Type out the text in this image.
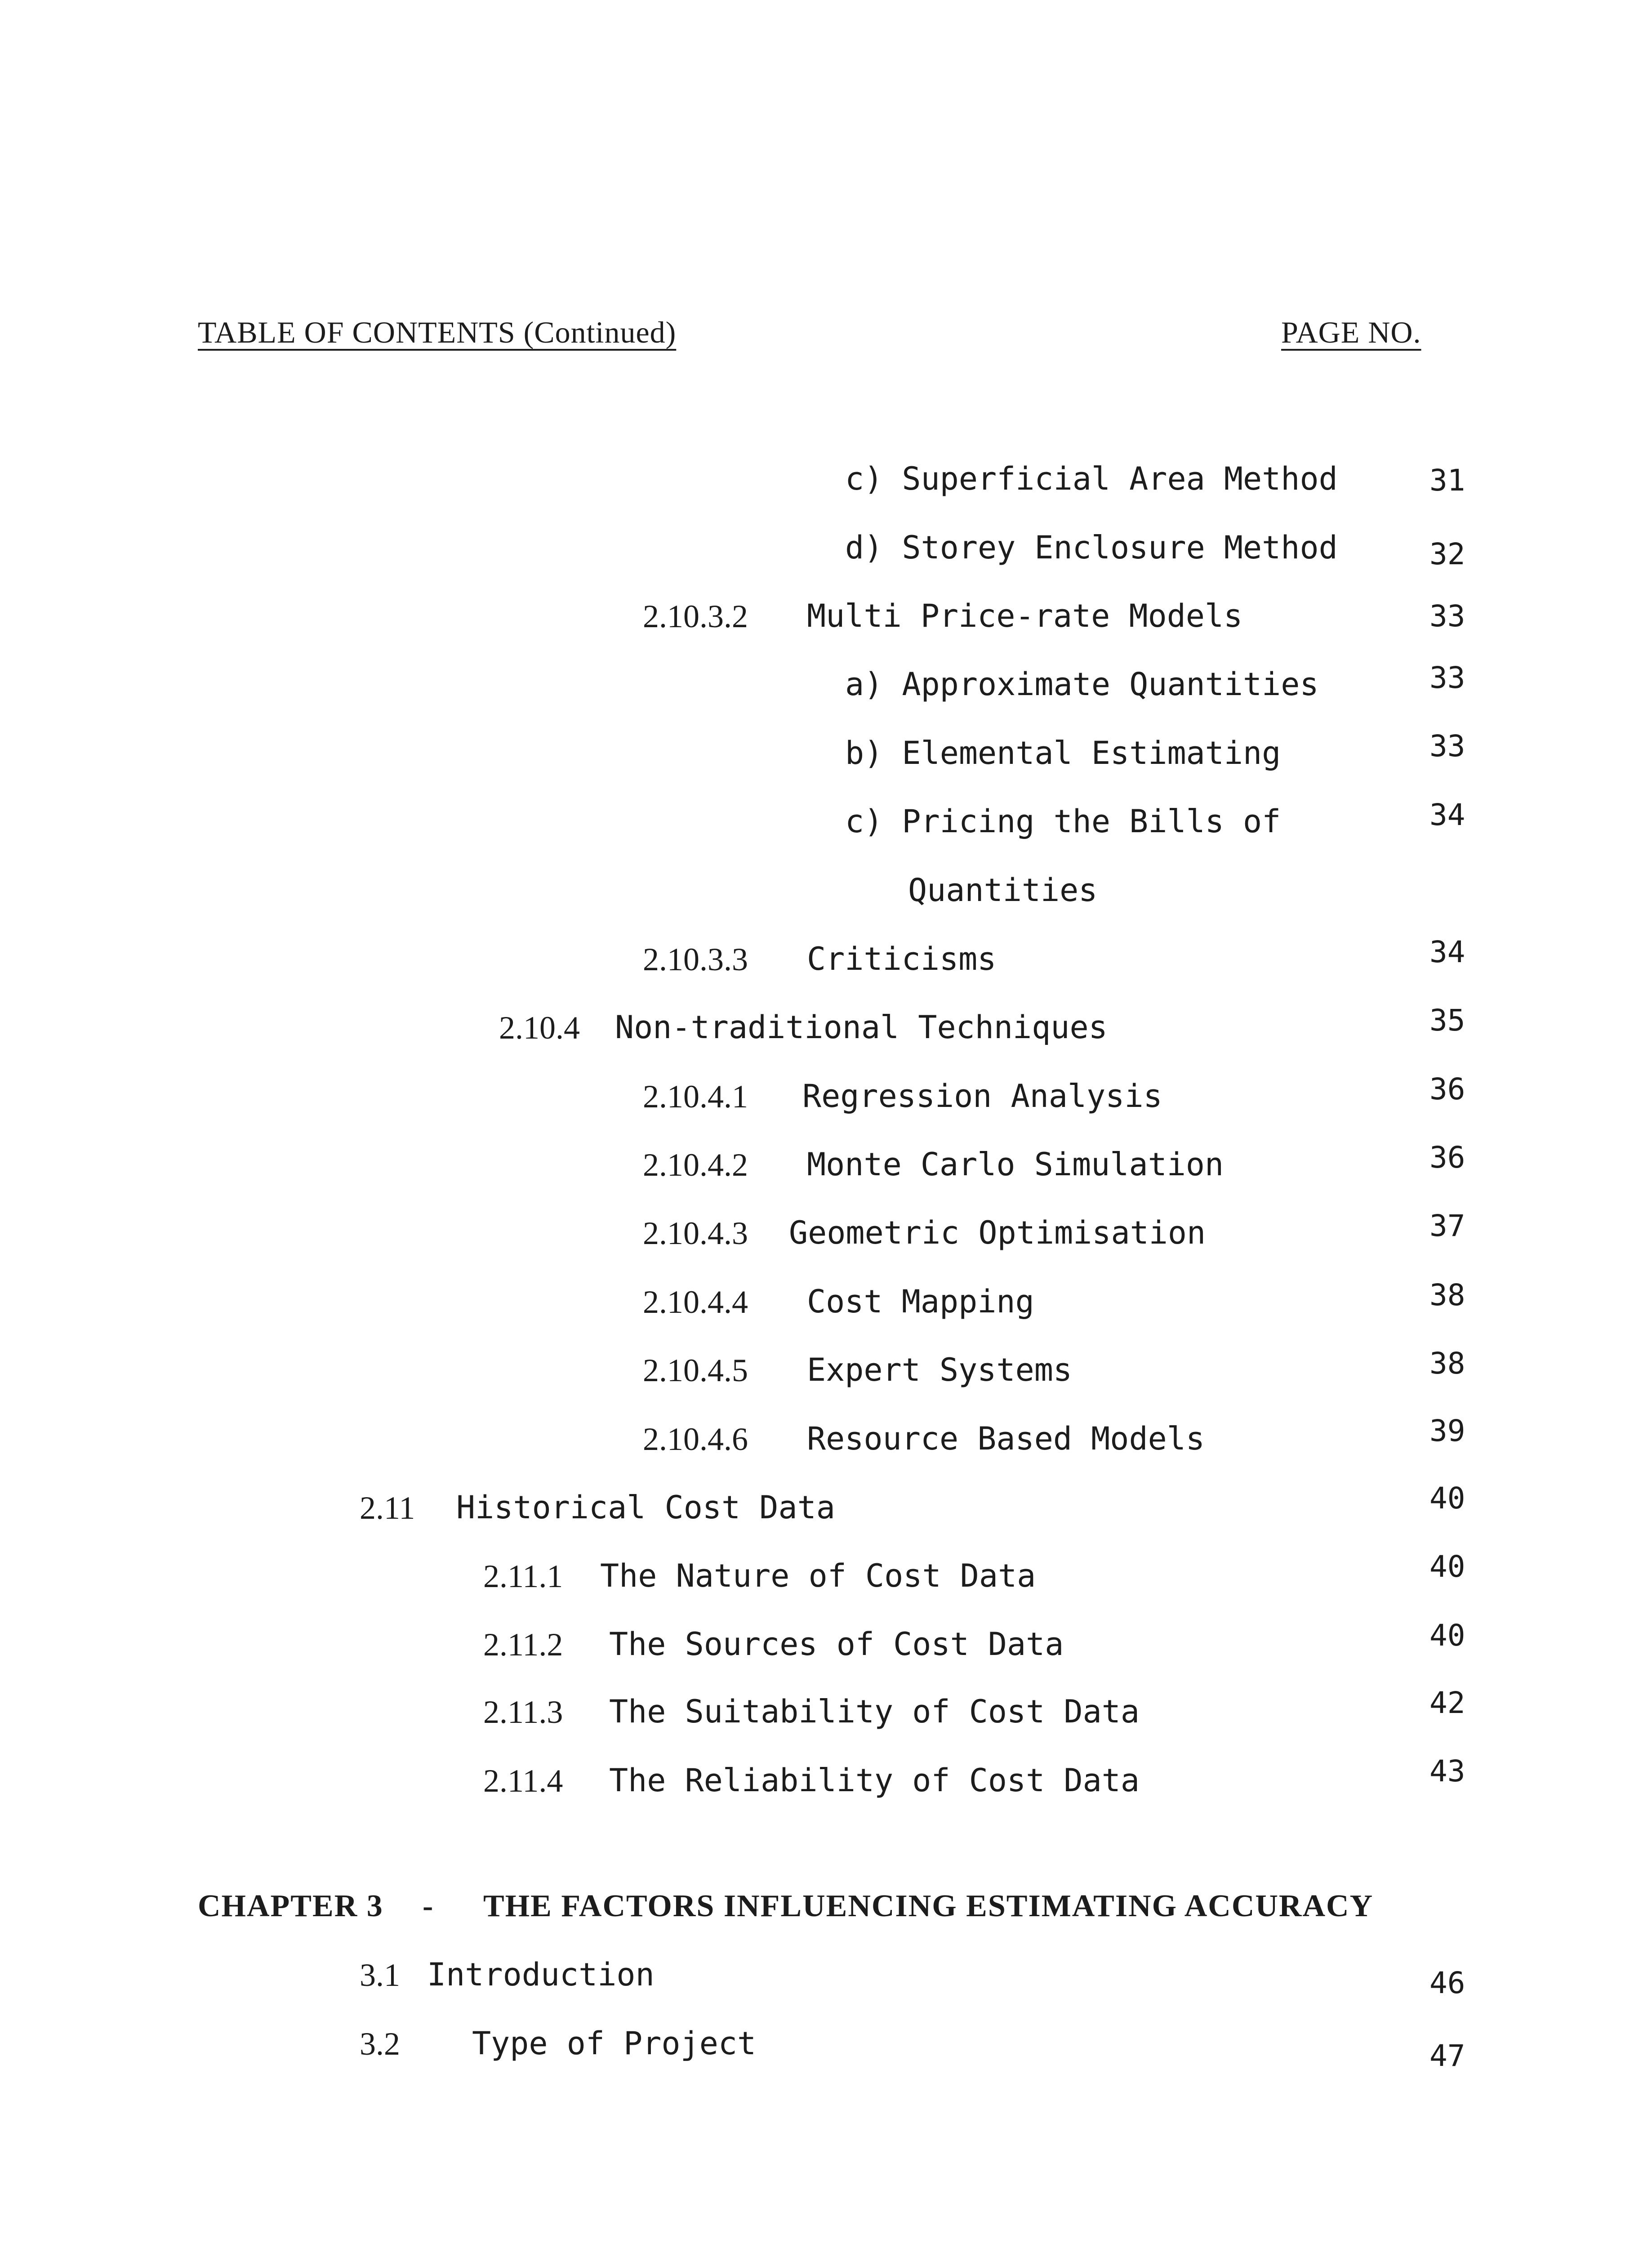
TABLE OF CONTENTS (Continued)	PAGE NO.
c) Superficial Area Method	31
d) Storey Enclosure Method	32
2.10.3.2 Multi Price-rate Models	33
a) Approximate Quantities	33
b) Elemental Estimating	33
c) Pricing the Bills of	34
Quantities
2.10.3.3 Criticisms	34
2.10.4 Non-traditional Techniques	35
2.10.4.1 Regression Analysis	36
2.10.4.2 Monte Carlo Simulation	36
2.10.4.3 Geometric Optimisation	37
2.10.4.4 Cost Mapping	38
2.10.4.5 Expert Systems	38
2.10.4.6 Resource Based Models	39
2.11 Historical Cost Data	40
2.11.1 The Nature of Cost Data	40
2.11.2 The Sources of Cost Data	40
2.11.3 The Suitability of Cost Data	42
2.11.4 The Reliability of Cost Data	43
CHAPTER 3 - THE FACTORS INFLUENCING ESTIMATING ACCURACY
3.1 Introduction	46
3.2 Type of Project	47
